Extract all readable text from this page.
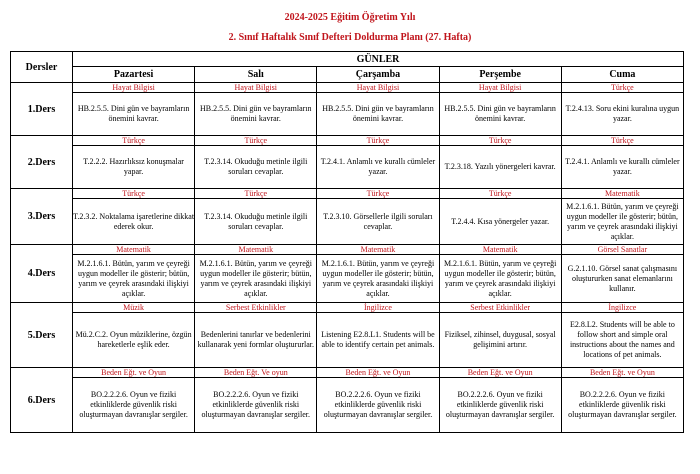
2024-2025 Eğitim Öğretim Yılı
2. Sınıf Haftalık Sınıf Defteri Doldurma Planı (27. Hafta)
Dersler	GÜNLER				
	Pazartesi	Salı	Çarşamba	Perşembe	Cuma
1.Ders	Hayat Bilgisi	Hayat Bilgisi	Hayat Bilgisi	Hayat Bilgisi	Türkçe
	HB.2.5.5. Dini gün ve bayramların önemini kavrar.	HB.2.5.5. Dini gün ve bayramların önemini kavrar.	HB.2.5.5. Dini gün ve bayramların önemini kavrar.	HB.2.5.5. Dini gün ve bayramların önemini kavrar.	T.2.4.13. Soru ekini kuralına uygun yazar.
2.Ders	Türkçe	Türkçe	Türkçe	Türkçe	Türkçe
	T.2.2.2. Hazırlıksız konuşmalar yapar.	T.2.3.14. Okuduğu metinle ilgili soruları cevaplar.	T.2.4.1. Anlamlı ve kurallı cümleler yazar.	T.2.3.18. Yazılı yönergeleri kavrar.	T.2.4.1. Anlamlı ve kurallı cümleler yazar.
3.Ders	Türkçe	Türkçe	Türkçe	Türkçe	Matematik
	T.2.3.2. Noktalama işaretlerine dikkat ederek okur.	T.2.3.14. Okuduğu metinle ilgili soruları cevaplar.	T.2.3.10. Görsellerle ilgili soruları cevaplar.	T.2.4.4. Kısa yönergeler yazar.	M.2.1.6.1. Bütün, yarım ve çeyreği uygun modeller ile gösterir; bütün, yarım ve çeyrek arasındaki ilişkiyi açıklar.
4.Ders	Matematik	Matematik	Matematik	Matematik	Görsel Sanatlar
	M.2.1.6.1. Bütün, yarım ve çeyreği uygun modeller ile gösterir; bütün, yarım ve çeyrek arasındaki ilişkiyi açıklar.	M.2.1.6.1. Bütün, yarım ve çeyreği uygun modeller ile gösterir; bütün, yarım ve çeyrek arasındaki ilişkiyi açıklar.	M.2.1.6.1. Bütün, yarım ve çeyreği uygun modeller ile gösterir; bütün, yarım ve çeyrek arasındaki ilişkiyi açıklar.	M.2.1.6.1. Bütün, yarım ve çeyreği uygun modeller ile gösterir; bütün, yarım ve çeyrek arasındaki ilişkiyi açıklar.	G.2.1.10. Görsel sanat çalışmasını oluştururken sanat elemanlarını kullanır.
5.Ders	Müzik	Serbest Etkinlikler	İngilizce	Serbest Etkinlikler	İngilizce
	Mü.2.C.2. Oyun müziklerine, özgün hareketlerle eşlik eder.	Bedenlerini tanırlar ve bedenlerini kullanarak yeni formlar oluştururlar.	Listening E2.8.L1. Students will be able to identify certain pet animals.	Fiziksel, zihinsel, duygusal, sosyal gelişimini artırır.	E2.8.L2. Students will be able to follow short and simple oral instructions about the names and locations of pet animals.
6.Ders	Beden Eğt. ve Oyun	Beden Eğt. Ve oyun	Beden Eğt. ve Oyun	Beden Eğt. ve Oyun	Beden Eğt. ve Oyun
	BO.2.2.2.6. Oyun ve fiziki etkinliklerde güvenlik riski oluşturmayan davranışlar sergiler.	BO.2.2.2.6. Oyun ve fiziki etkinliklerde güvenlik riski oluşturmayan davranışlar sergiler.	BO.2.2.2.6. Oyun ve fiziki etkinliklerde güvenlik riski oluşturmayan davranışlar sergiler.	BO.2.2.2.6. Oyun ve fiziki etkinliklerde güvenlik riski oluşturmayan davranışlar sergiler.	BO.2.2.2.6. Oyun ve fiziki etkinliklerde güvenlik riski oluşturmayan davranışlar sergiler.
